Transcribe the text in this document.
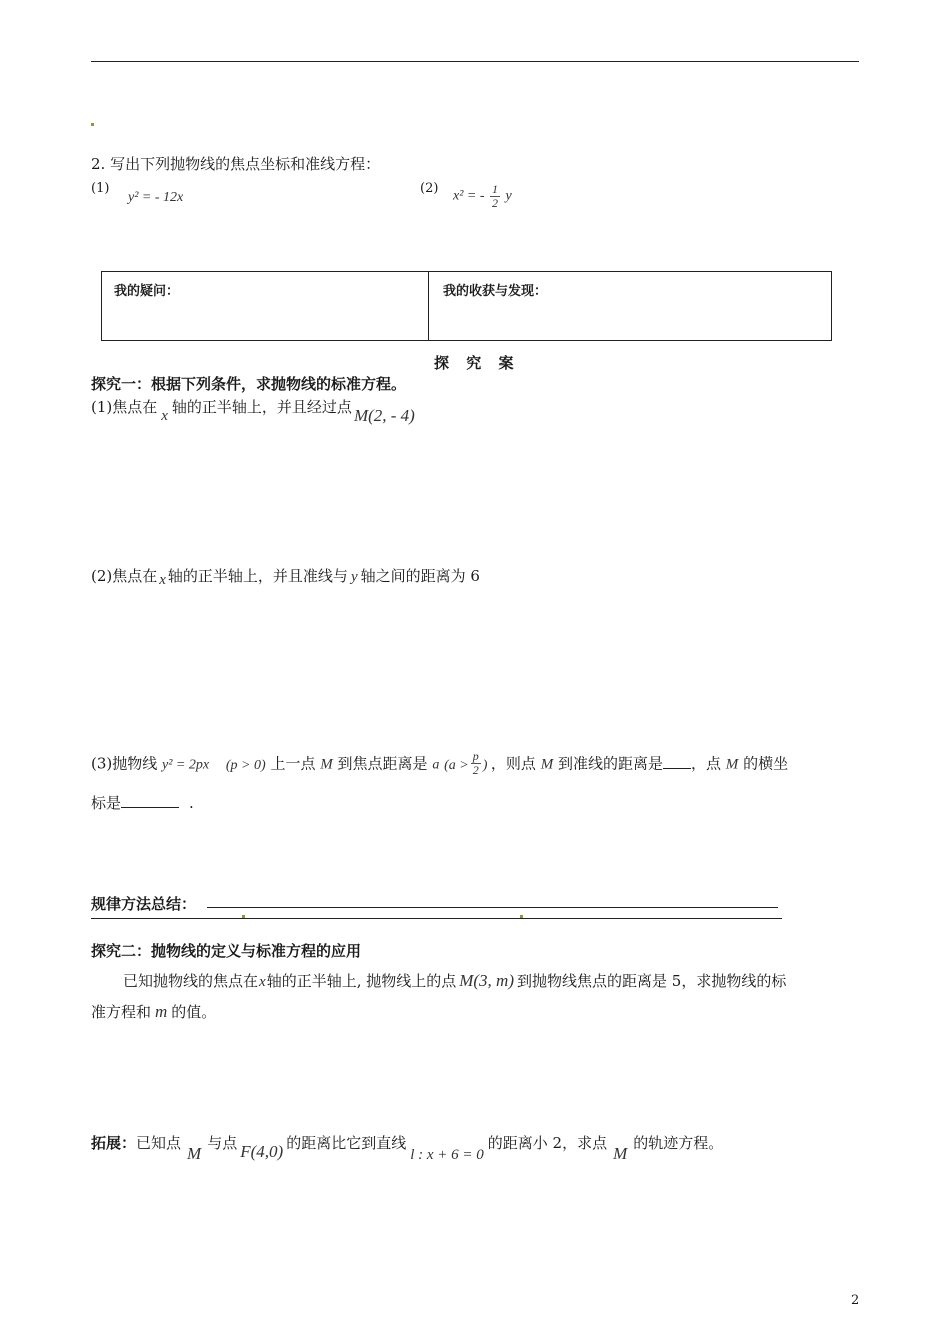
2. 写出下列抛物线的焦点坐标和准线方程：
(1)
y² = - 12x
(2)
x² = - $\frac{1}{2}$ y
我的疑问：	我的收获与发现：
探 究 案
探究一：根据下列条件，求抛物线的标准方程。
(1)焦点在 x 轴的正半轴上，并且经过点 M(2, - 4)
(2)焦点在 x 轴的正半轴上，并且准线与 y 轴之间的距离为 6
(3)抛物线 y² = 2px (p > 0) 上一点 M 到焦点距离是 a ($a > \frac{p}{2}$ ) ，则点 M 到准线的距离是 ，点 M 的横坐
标是	.
规律方法总结：
探究二：抛物线的定义与标准方程的应用
已知抛物线的焦点在x轴的正半轴上, 抛物线上的点 M(3, m) 到抛物线焦点的距离是 5，求抛物线的标
准方程和 m 的值。
拓展：已知点M与点 F(4,0) 的距离比它到直线l : x + 6 = 0的距离小 2，求点M的轨迹方程。
2
